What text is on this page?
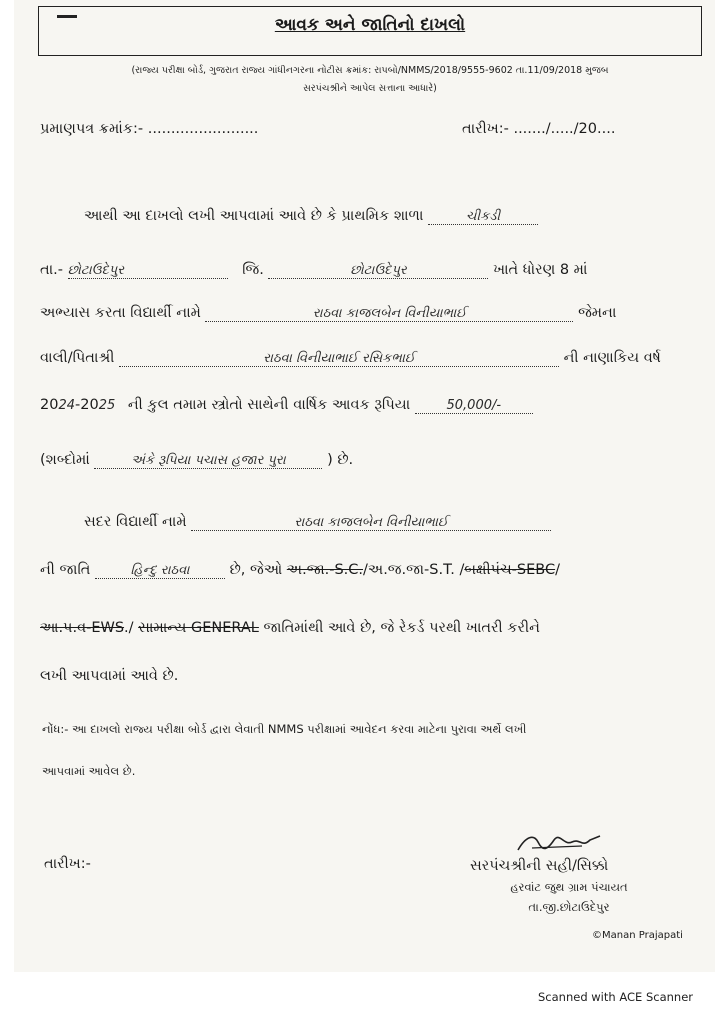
આવક અને જાતિનો દાખલો
(રાજ્ય પરીક્ષા બોર્ડ, ગુજરાત રાજ્ય ગાંધીનગરના નોટીસ ક્રમાંક: રાપબો/NMMS/2018/9555-9602 તા.11/09/2018 મુજબ
સરપંચશ્રીને આપેલ સત્તાના આધારે)
પ્રમાણપત્ર ક્રમાંક:- ........................	તારીખ:- ......./...../20....
આથી આ દાખલો લખી આપવામાં આવે છે કે પ્રાથમિક શાળા	ચીકડી
તા.- છોટાઉદેપુર	જિ.	છોટાઉદેપુર	ખાતે ધોરણ 8 માં
અભ્યાસ કરતા વિદ્યાર્થી નામે	રાઠવા કાજલબેન વિનીયાભાઈ	જેમના
વાલી/પિતાશ્રી	રાઠવા વિનીયાભાઈ રસિકભાઈ	ની નાણાકિય વર્ષ
2024-2025 ની કુલ તમામ સ્ત્રોતો સાથેની વાર્ષિક આવક રૂપિયા	50,000/-
(શબ્દોમાં	અંકે રૂપિયા પચાસ હજાર પુરા	) છે.
સદર વિદ્યાર્થી નામે	રાઠવા કાજલબેન વિનીયાભાઈ
ની જાતિ	હિન્દુ રાઠવા	છે, જેઓ અ.જા.-S.C./અ.જ.જા-S.T. /બક્ષીપંચ-SEBC/
આ.પ.વ-EWS./ સામાન્ય GENERAL જાતિમાંથી આવે છે, જે રેકર્ડ પરથી ખાતરી કરીને
લખી આપવામાં આવે છે.
નોંધ:- આ દાખલો રાજ્ય પરીક્ષા બોર્ડ દ્વારા લેવાતી NMMS પરીક્ષામાં આવેદન કરવા માટેના પુરાવા અર્થે લખી
આપવામાં આવેલ છે.
તારીખ:-	સરપંચશ્રીની સહી/સિક્કો
હરવાંટ જુથ ગ્રામ પંચાયત
તા.જી.છોટાઉદેપુર
©Manan Prajapati
Scanned with ACE Scanner
